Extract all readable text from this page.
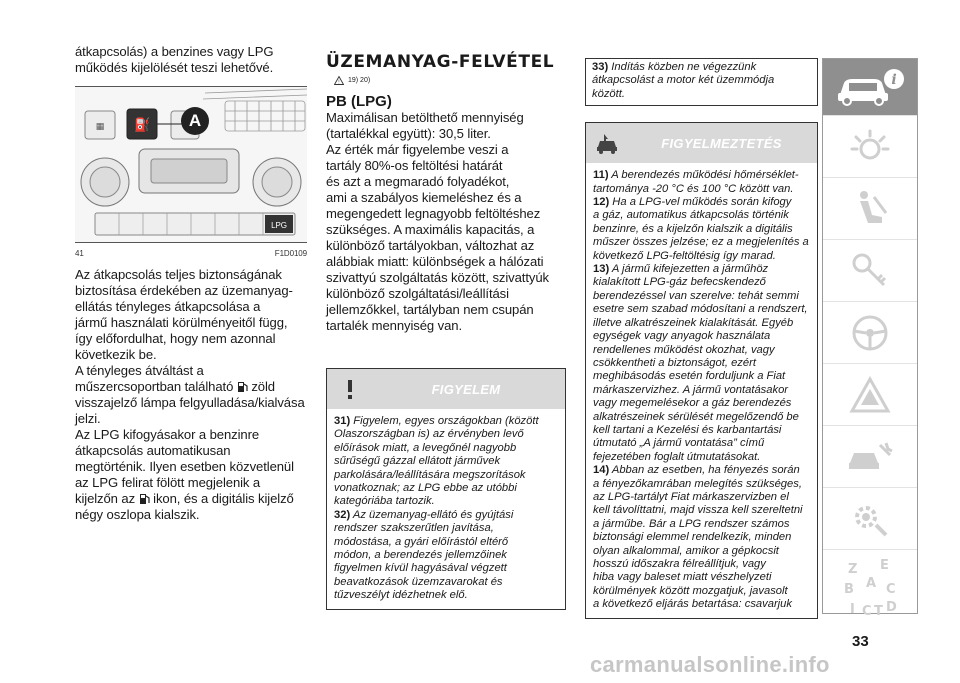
átkapcsolás) a benzines vagy LPG

működés kijelölését teszi lehetővé.

▦ ⛽
LPG
A
41	F1D0109

Az átkapcsolás teljes biztonságának

biztosítása érdekében az üzemanyag-

ellátás tényleges átkapcsolása a

jármű használati körülményeitől függ,

így előfordulhat, hogy nem azonnal

következik be.

A tényleges átváltást a

műszercsoportban található zöld

visszajelző lámpa felgyulladása/kialvása

jelzi.

Az LPG kifogyásakor a benzinre

átkapcsolás automatikusan

megtörténik. Ilyen esetben közvetlenül

az LPG felirat fölött megjelenik a

kijelzőn az ikon, és a digitális kijelző

négy oszlopa kialszik.

ÜZEMANYAG-FELVÉTEL
! 19) 20)
PB (LPG)

Maximálisan betölthető mennyiség

(tartalékkal együtt): 30,5 liter.

Az érték már figyelembe veszi a

tartály 80%-os feltöltési határát

és azt a megmaradó folyadékot,

ami a szabályos kiemeléshez és a

megengedett legnagyobb feltöltéshez

szükséges. A maximális kapacitás, a

különböző tartályokban, változhat az

alábbiak miatt: különbségek a hálózati

szivattyú szolgáltatás között, szivattyúk

különböző szolgáltatási/leállítási

jellemzőkkel, tartályban nem csupán

tartalék mennyiség van.

FIGYELEM

31) Figyelem, egyes országokban (között

Olaszországban is) az érvényben levő

előírások miatt, a levegőnél nagyobb

sűrűségű gázzal ellátott járművek

parkolására/leállítására megszorítások

vonatkoznak; az LPG ebbe az utóbbi

kategóriába tartozik.

32) Az üzemanyag-ellátó és gyújtási

rendszer szakszerűtlen javítása,

módostása, a gyári előírástól eltérő

módon, a berendezés jellemzőinek

figyelmen kívül hagyásával végzett

beavatkozások üzemzavarokat és

tűzveszélyt idézhetnek elő.

33) Indítás közben ne végezzünk

átkapcsolást a motor két üzemmódja

között.

FIGYELMEZTETÉS

11) A berendezés működési hőmérséklet-

tartománya -20 °C és 100 °C között van.

12) Ha a LPG-vel működés során kifogy

a gáz, automatikus átkapcsolás történik

benzinre, és a kijelzőn kialszik a digitális

műszer összes jelzése; ez a megjelenítés a

következő LPG-feltöltésig így marad.

13) A jármű kifejezetten a járműhöz

kialakított LPG-gáz befecskendező

berendezéssel van szerelve: tehát semmi

esetre sem szabad módosítani a rendszert,

illetve alkatrészeinek kialakítását. Egyéb

egységek vagy anyagok használata

rendellenes működést okozhat, vagy

csökkentheti a biztonságot, ezért

meghibásodás esetén forduljunk a Fiat

márkaszervizhez. A jármű vontatásakor

vagy megemelésekor a gáz berendezés

alkatrészeinek sérülését megelőzendő be

kell tartani a Kezelési és karbantartási

útmutató „A jármű vontatása” című

fejezetében foglalt útmutatásokat.

14) Abban az esetben, ha fényezés során

a fényezőkamrában melegítés szükséges,

az LPG-tartályt Fiat márkaszervizben el

kell távolíttatni, majd vissza kell szereltetni

a járműbe. Bár a LPG rendszer számos

biztonsági elemmel rendelkezik, minden

olyan alkalommal, amikor a gépkocsit

hosszú időszakra félreállítjuk, vagy

hiba vagy baleset miatt vészhelyzeti

körülmények között mozgatjuk, javasolt

a következő eljárás betartása: csavarjuk

i
Z E
B A C
D
I C T
33
carmanualsonline.info
